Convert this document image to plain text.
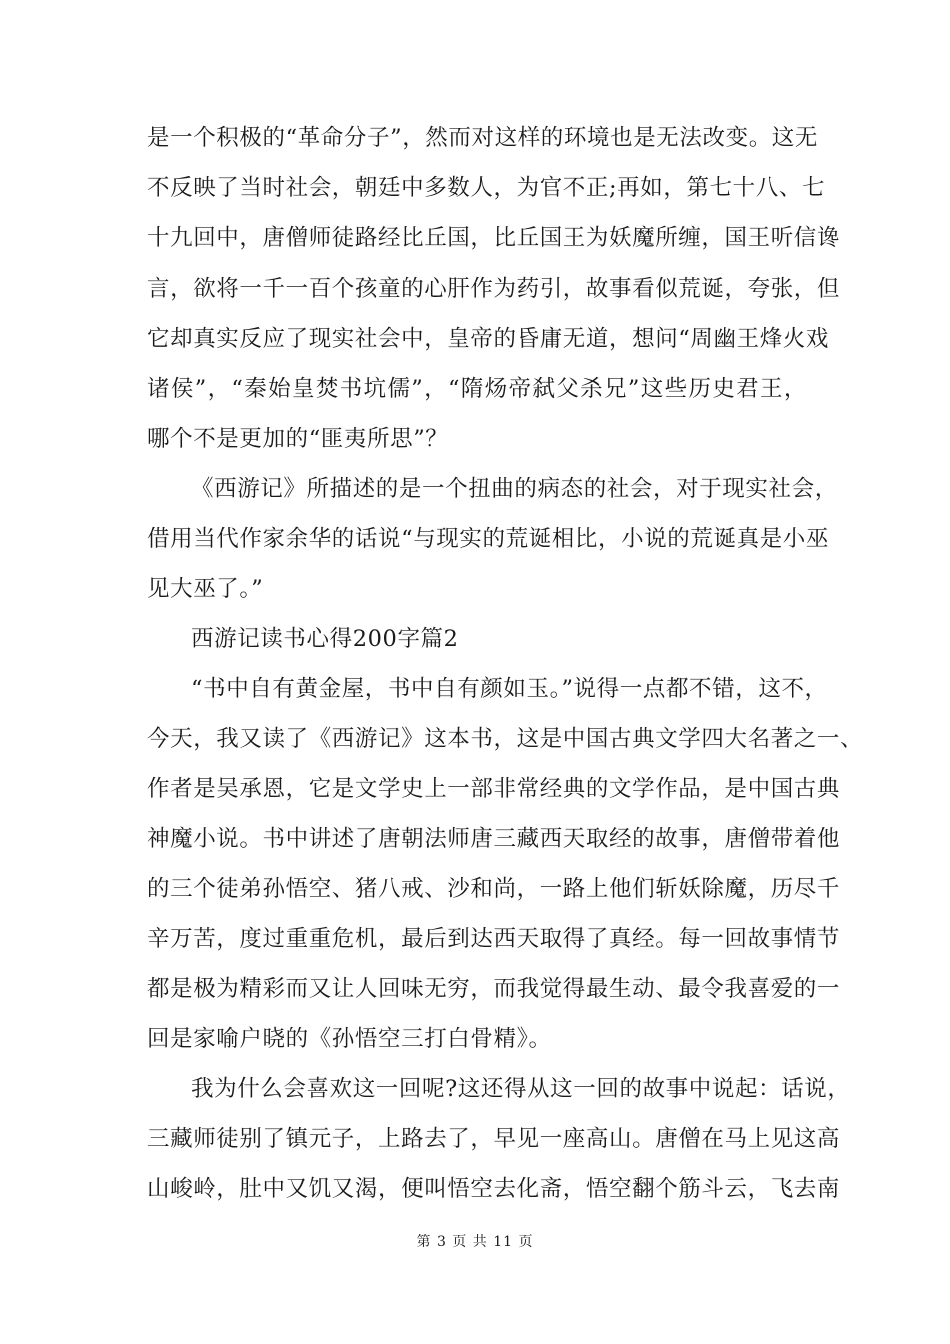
是一个积极的“革命分子”，然而对这样的环境也是无法改变。这无
不反映了当时社会，朝廷中多数人，为官不正;再如，第七十八、七
十九回中，唐僧师徒路经比丘国，比丘国王为妖魔所缠，国王听信谗
言，欲将一千一百个孩童的心肝作为药引，故事看似荒诞，夸张，但
它却真实反应了现实社会中，皇帝的昏庸无道，想问“周幽王烽火戏
诸侯”，“秦始皇焚书坑儒”，“隋炀帝弑父杀兄”这些历史君王，
哪个不是更加的“匪夷所思”？
《西游记》所描述的是一个扭曲的病态的社会，对于现实社会，
借用当代作家余华的话说“与现实的荒诞相比，小说的荒诞真是小巫
见大巫了。”
西游记读书心得200字篇2
“书中自有黄金屋，书中自有颜如玉。”说得一点都不错，这不，
今天，我又读了《西游记》这本书，这是中国古典文学四大名著之一、
作者是吴承恩，它是文学史上一部非常经典的文学作品，是中国古典
神魔小说。书中讲述了唐朝法师唐三藏西天取经的故事，唐僧带着他
的三个徒弟孙悟空、猪八戒、沙和尚，一路上他们斩妖除魔，历尽千
辛万苦，度过重重危机，最后到达西天取得了真经。每一回故事情节
都是极为精彩而又让人回味无穷，而我觉得最生动、最令我喜爱的一
回是家喻户晓的《孙悟空三打白骨精》。
我为什么会喜欢这一回呢?这还得从这一回的故事中说起：话说，
三藏师徒别了镇元子，上路去了，早见一座高山。唐僧在马上见这高
山峻岭，肚中又饥又渴，便叫悟空去化斋，悟空翻个筋斗云，飞去南
第 3 页 共 11 页
